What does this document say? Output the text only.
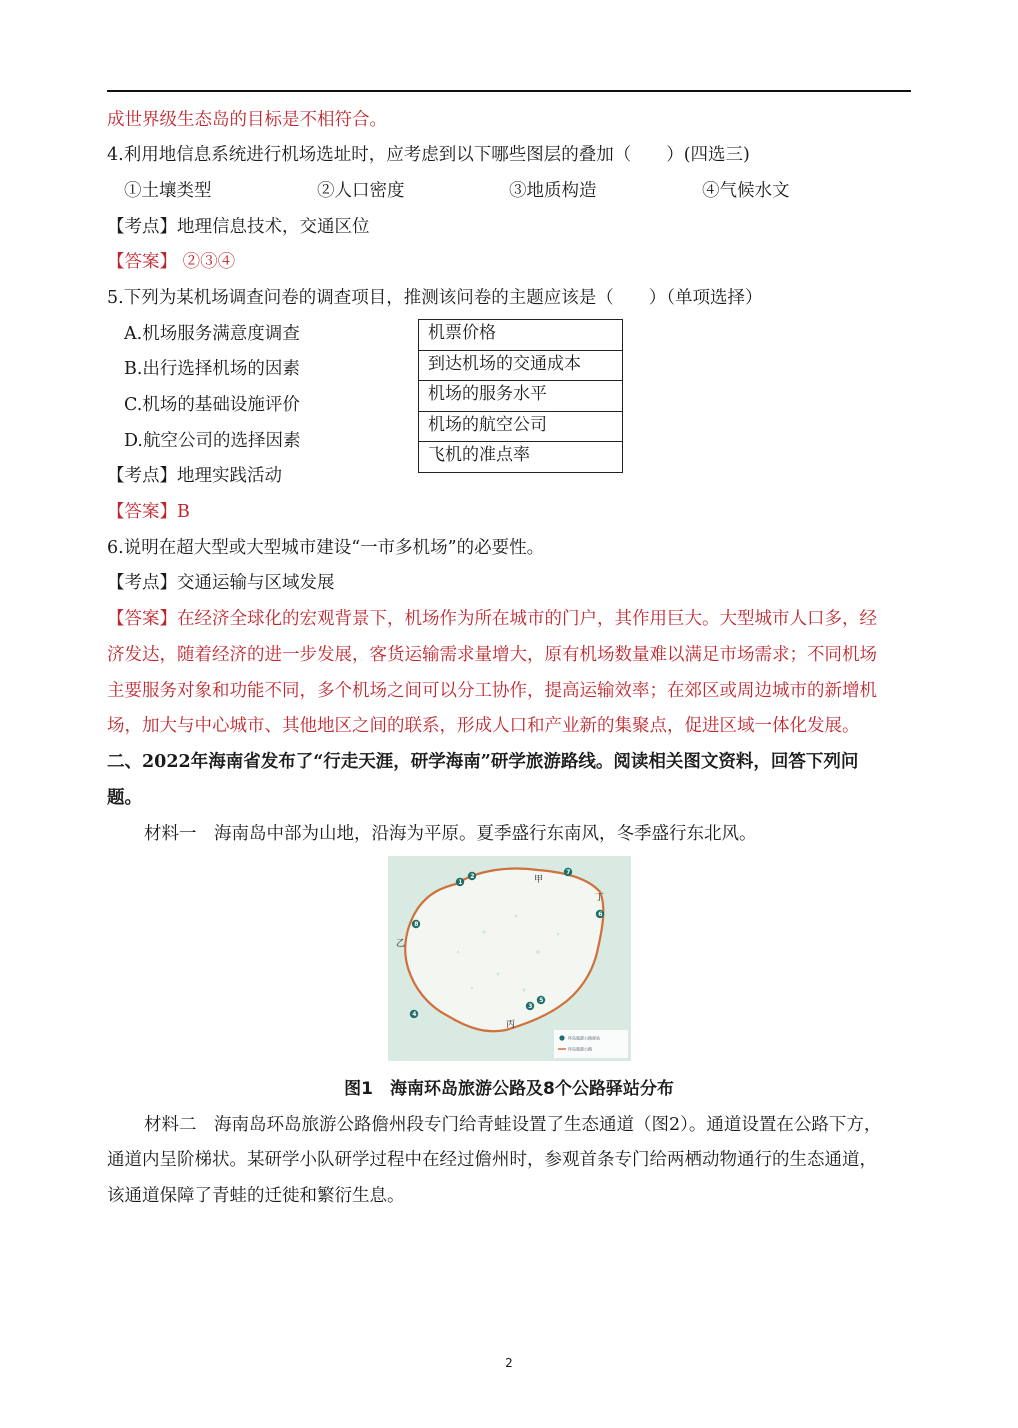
成世界级生态岛的目标是不相符合。
4.利用地信息系统进行机场选址时，应考虑到以下哪些图层的叠加（　　）(四选三)
①土壤类型	②人口密度	③地质构造	④气候水文
【考点】地理信息技术，交通区位
【答案】 ②③④
5.下列为某机场调查问卷的调查项目，推测该问卷的主题应该是（　　）（单项选择）
A.机场服务满意度调查
B.出行选择机场的因素
C.机场的基础设施评价
D.航空公司的选择因素
机票价格
到达机场的交通成本
机场的服务水平
机场的航空公司
飞机的准点率
【考点】地理实践活动
【答案】B
6.说明在超大型或大型城市建设“一市多机场”的必要性。
【考点】交通运输与区域发展
【答案】在经济全球化的宏观背景下，机场作为所在城市的门户，其作用巨大。大型城市人口多，经
济发达，随着经济的进一步发展，客货运输需求量增大，原有机场数量难以满足市场需求；不同机场
主要服务对象和功能不同，多个机场之间可以分工协作，提高运输效率；在郊区或周边城市的新增机
场，加大与中心城市、其他地区之间的联系，形成人口和产业新的集聚点，促进区域一体化发展。
二、2022年海南省发布了“行走天涯，研学海南”研学旅游路线。阅读相关图文资料，回答下列问
题。
材料一　海南岛中部为山地，沿海为平原。夏季盛行东南风，冬季盛行东北风。
1
2
3
4
5
6
7
8
甲
乙
丙
丁
环岛旅游公路驿站
环岛旅游公路
图1　海南环岛旅游公路及8个公路驿站分布
材料二　海南岛环岛旅游公路儋州段专门给青蛙设置了生态通道（图2）。通道设置在公路下方，
通道内呈阶梯状。某研学小队研学过程中在经过儋州时，参观首条专门给两栖动物通行的生态通道，
该通道保障了青蛙的迁徙和繁衍生息。
2
